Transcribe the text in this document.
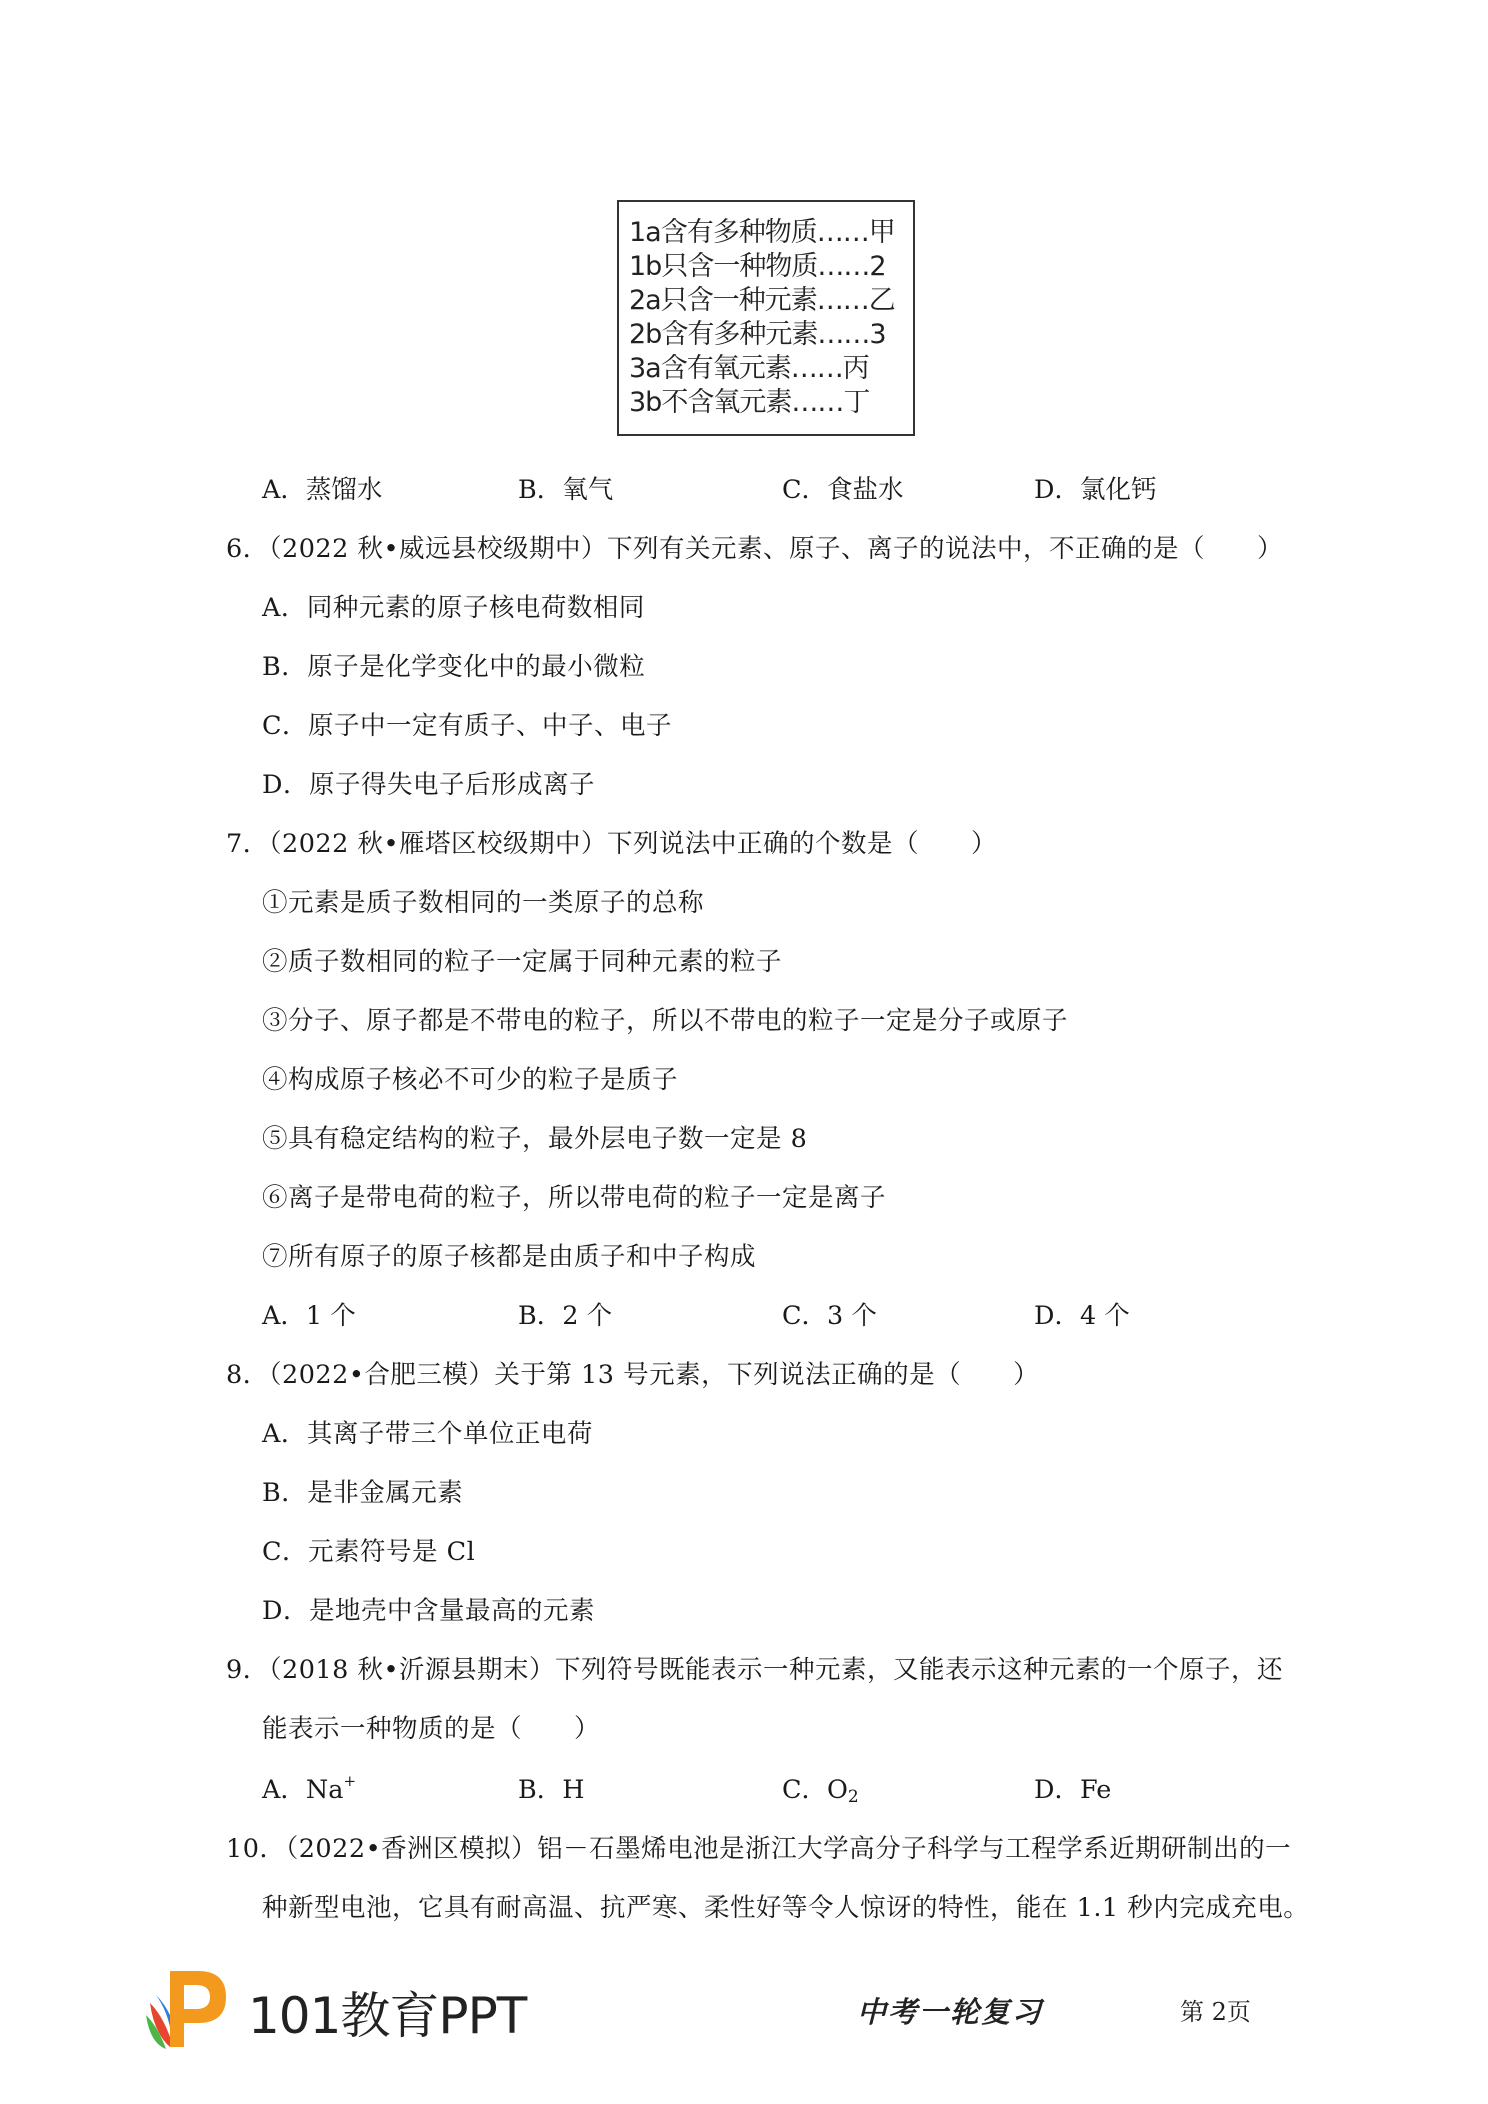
1a含有多种物质……甲
1b只含一种物质……2
2a只含一种元素……乙
2b含有多种元素……3
3a含有氧元素……丙
3b不含氧元素……丁
A．蒸馏水	B．氧气	C．食盐水	D．氯化钙
6．（2022 秋•威远县校级期中）下列有关元素、原子、离子的说法中，不正确的是（　　）
A．同种元素的原子核电荷数相同
B．原子是化学变化中的最小微粒
C．原子中一定有质子、中子、电子
D．原子得失电子后形成离子
7．（2022 秋•雁塔区校级期中）下列说法中正确的个数是（　　）
①元素是质子数相同的一类原子的总称
②质子数相同的粒子一定属于同种元素的粒子
③分子、原子都是不带电的粒子，所以不带电的粒子一定是分子或原子
④构成原子核必不可少的粒子是质子
⑤具有稳定结构的粒子，最外层电子数一定是 8
⑥离子是带电荷的粒子，所以带电荷的粒子一定是离子
⑦所有原子的原子核都是由质子和中子构成
A．1 个	B．2 个	C．3 个	D．4 个
8．（2022•合肥三模）关于第 13 号元素，下列说法正确的是（　　）
A．其离子带三个单位正电荷
B．是非金属元素
C．元素符号是 Cl
D．是地壳中含量最高的元素
9．（2018 秋•沂源县期末）下列符号既能表示一种元素，又能表示这种元素的一个原子，还
能表示一种物质的是（　　）
A．Na+	B．H	C．$O_2$	D．Fe
10．（2022•香洲区模拟）铝－石墨烯电池是浙江大学高分子科学与工程学系近期研制出的一
种新型电池，它具有耐高温、抗严寒、柔性好等令人惊讶的特性，能在 1.1 秒内完成充电。
101教育PPT	中考一轮复习	第 2页
